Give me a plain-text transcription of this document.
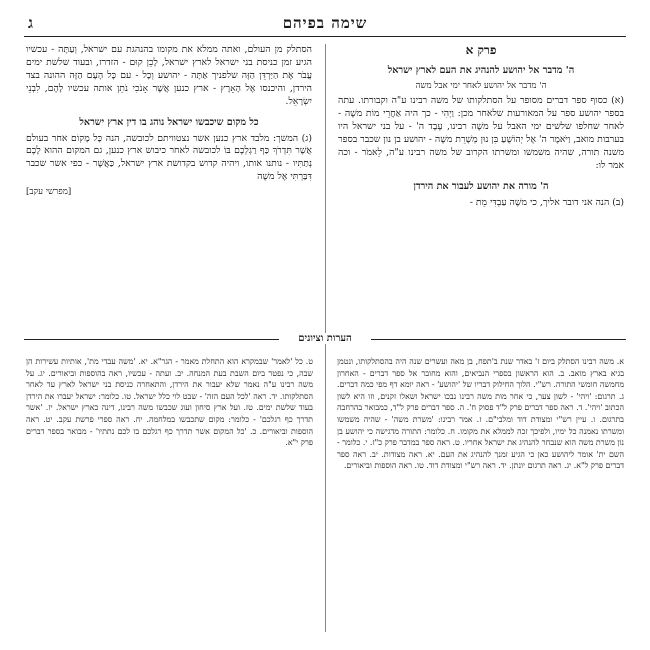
שימה בפיהם
ג

פרק א

ה' מדבר אל יהושע להנהיג את העם לארץ ישראל

ה' מדבר אל יהושע לאחר ימי אבל משה

(א) כסוף ספר דברים מסופר על הסתלקותו של משה רבינו ע"ה וקבורתו. עתה בספר יהושע ספר על המאורעות שלאחר מכן: וַיְהִי - כך היה אַחֲרֵי מוֹת משֶׁה - לאחר שחלפו שלשים ימי האבל על משֶׁה רבינו, עֶבֶד ה' - על בני ישראל היו בערבות מואב, וַיֹּאמֶר ה' אֶל יְהוֹשֻׁעַ בִּן נוּן מְשָׁרֵת משֶׁה - יהושע בן נון שכבר בספר משנה תורה, שהיה משמשו ומשרתו הקרוב של משה רבינו ע"ה, לֵאמֹר - וכה אמר לו:

ה' מורה את יהושע לעבור את הירדן

(ב) הנה אני דובר אליך, כי משֶׁה עַבְדִּי מֵת -

הסתלק מן העולם, ואתה ממלא את מקומו בהנהגת עם ישראל, וְעַתָּה - עכשיו הגיע זמן כניסת בני ישראל לארץ ישראל, לָכֵן קוּם - הזדרז, ובעוד שלשת ימים עֲבֹר אֶת הַיַּרְדֵּן הַזֶּה שלפניך אַתָּה - יהושע וְכָל - עם כָּל הָעָם הַזֶּה ההונה בצד הירדן, והיכנסו אֶל הָאָרֶץ - ארץ כנען אֲשֶׁר אָנֹכִי נֹתֵן אותה עכשיו לָהֶם, לִבְנֵי יִשְׂרָאֵל.

כל מקום שיכבשו ישראל נוהג בו דין ארץ ישראל

(ג) המשך: מלבד ארץ כנען אשר נצטוויתם לכובשה, הנה כָּל מָקוֹם אחר בעולם אֲשֶׁר תִּדְרֹךְ כַּף רַגְלְכֶם בּוֹ לכובשה לאחר כיבוש ארץ כנען, גם המקום ההוא לָכֶם נְתַתִּיו - נותנו אותו, ויהיה קדוש בקדושת ארץ ישראל, כַּאֲשֶׁר - כפי אשר שכבר דִּבַּרְתִּי אֶל משֶׁה

[מפרשי עקב]

הערות וציונים

א. משה רבינו הסתלק ביום ז' באדר שנת ב'תפח, בן מאה ועשרים שנה היה בהסתלקותו, ונטמן בגיא בארץ מואב. ב. הוא הראשון בספרי הנביאים, והוא מחובר אל ספר דברים - האחרון מחמשה חומשי התורה. רש"י. הלוך החילוק דבריו של 'יהושע' - ראה יומא דף מפי כמה דברים. ג. תרגום: 'ויהי' - לשון צער, כי אחר מות משה רבינו נבכו ישראל ושאלו זקנים, וזו היא לשון הכתוב 'ויהי'. ד. ראה ספר דברים פרק ל"ד פסוק ח'. ה. ספר דברים פרק ל"ד, כמבואר בהרחבה בתרגום. ו. עיין רש"י ומצודת דוד ומלבי"ם. ז. אמר רבינו: 'משרת משה' - שהיה משמשו ומשרתו נאמנה כל ימיו, ולפיכך זכה לממלא את מקומו. ח. כלומר: התורה מדגישה כי יהושע בן נון משרת משה הוא שנבחר להנהיג את ישראל אחריו. ט. ראה ספר במדבר פרק כ"ז. י. כלומר - השם ית' אומר ליהושע כאן כי הגיע זמנך להנהיג את העם. יא. ראה מצודות. יב. ראה ספר דברים פרק ל"א. יג. ראה תרגום יונתן. יד. ראה רש"י ומצודת דוד. טו. ראה הוספות וביאורים.

ט. כל 'לאמר' שבמקרא הוא התחלת מאמר - הגר"א. יא. 'משה עבדי מת', אותיות עשירות הן שבה, כי נפטר ביום השבת בעת המנחה. יב. ועתה - עכשיו, ראה בהוספות וביאורים. יג. על משה רבינו ע"ה נאמר שלא יעבור את הירדן, והתאחרה כניסת בני ישראל לארץ עד לאחר הסתלקותו. יד. ראה 'לכל העם הזה' - שבט לוי כלל ישראל. טו. כלומר: ישראל יעברו את הירדן בעוד שלשת ימים. טז. ועל ארץ סיחון ועוג שכבשו משה רבינו, דינה כארץ ישראל. יז. 'אשר תדרך כף רגלכם' - כלומר: מקום שתכבשו במלחמה. יח. ראה ספרי פרשת עקב. יט. ראה הוספות וביאורים. כ. 'כל המקום אשר תדרך כף רגלכם בו לכם נתתיו' - מבואר בספר דברים פרק י"א.
